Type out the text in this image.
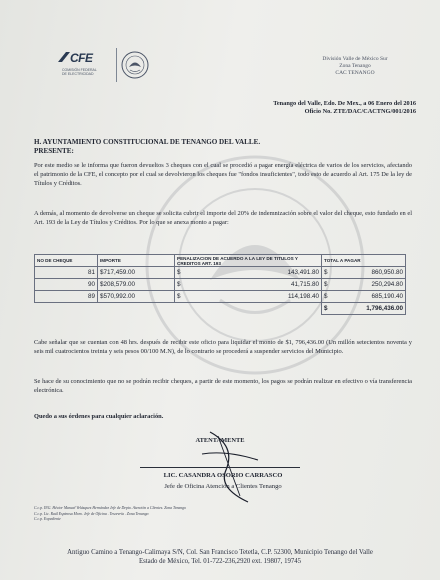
CFE
COMISIÓN FEDERAL
DE ELECTRICIDAD
División Valle de México Sur
Zona Tenango
CAC TENANGO
Tenango del Valle, Edo. De Mex., a 06 Enero del 2016
Oficio No. ZTE/DAC/CACTNG/001/2016
H. AYUNTAMIENTO CONSTITUCIONAL DE TENANGO DEL VALLE.
PRESENTE:
Por este medio se le informa que fueron devueltos 3 cheques con el cual se procedió a pagar energía eléctrica de varios de los servicios, afectando el patrimonio de la CFE, el concepto por el cual se devolvieron los cheques fue "fondos insuficientes", todo esto de acuerdo al Art. 175 De la ley de Títulos y Créditos.
A demás, al momento de devolverse un cheque se solicita cubrir el importe del 20% de indemnización sobre el valor del cheque, esto fundado en el Art. 193 de la Ley de Títulos y Créditos. Por lo que se anexa monto a pagar:
NO DE CHEQUE	IMPORTE	PENALIZACION DE ACUERDO A LA LEY DE TITULOS Y CREDITOS ART. 193	TOTAL A PAGAR
81	$717,459.00	$ 143,491.80	$ 860,950.80
90	$208,579.00	$ 41,715.80	$ 250,294.80
89	$570,992.00	$ 114,198.40	$ 685,190.40

			$ 1,796,436.00
Cabe señalar que se cuentan con 48 hrs. después de recibir este oficio para liquidar el monto de $1, 796,436.00 (Un millón setecientos noventa y seis mil cuatrocientos treinta y seis pesos 00/100 M.N), de lo contrario se procederá a suspender servicios del Municipio.
Se hace de su conocimiento que no se podrán recibir cheques, a partir de este momento, los pagos se podrán realizar en efectivo o vía transferencia electrónica.
Quedo a sus órdenes para cualquier aclaración.
ATENTAMENTE
LIC. CASANDRA OSORIO CARRASCO
Jefe de Oficina Atención a Clientes Tenango
C.c.p. ING. Héctor Manuel Velázquez Hernández Jefe de Depto. Atención a Clientes. Zona Tenango
C.c.p. Lic. Raúl Espinosa Moro. Jefe de Oficina . Tesorería . Zona Tenango
C.c.p. Expediente
Antiguo Camino a Tenango-Calimaya S/N, Col. San Francisco Tetetla, C.P. 52300, Municipio Tenango del Valle
Estado de México, Tel. 01-722-236,2920 ext. 19807, 19745
